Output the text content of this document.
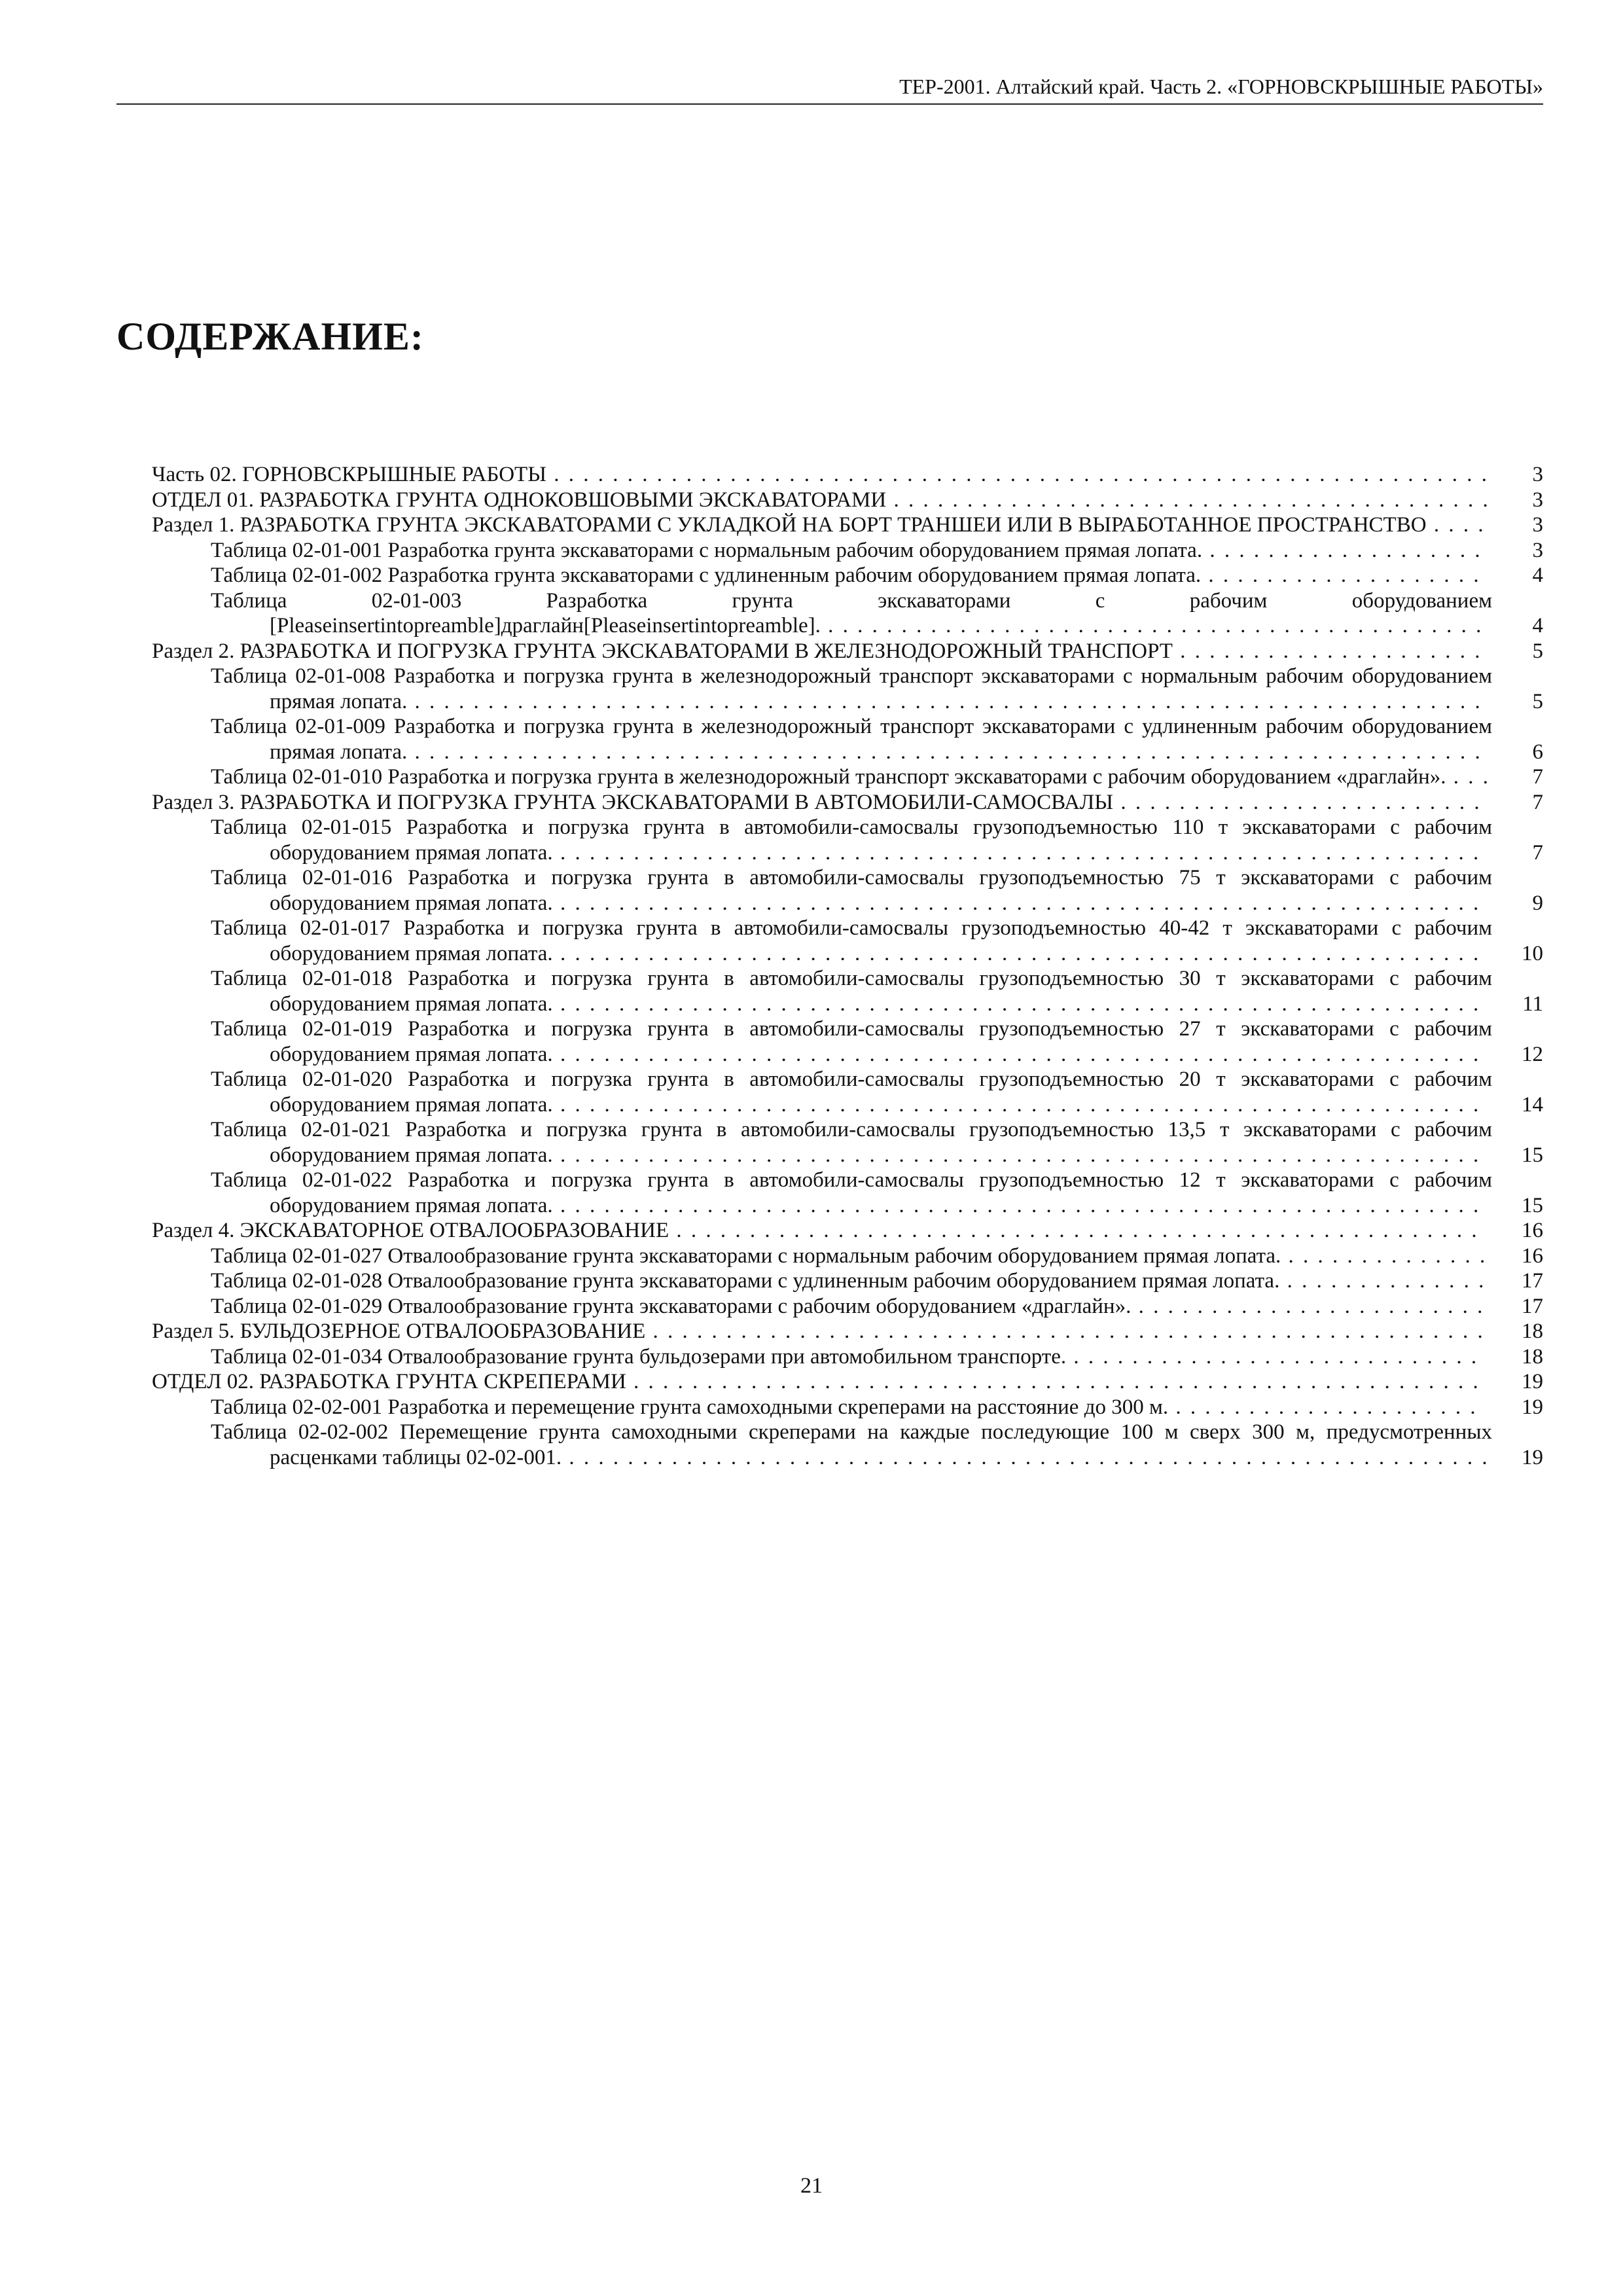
ТЕР-2001. Алтайский край. Часть 2. «ГОРНОВСКРЫШНЫЕ РАБОТЫ»
СОДЕРЖАНИЕ:
Часть 02. ГОРНОВСКРЫШНЫЕ РАБОТЫ . . . . . . . . . . . . . . . . . . . . . . . . . . . . . . . . . . . . . . . . . . . . . . . . . . . . . . . . . . . . . . . .	3
ОТДЕЛ 01. РАЗРАБОТКА ГРУНТА ОДНОКОВШОВЫМИ ЭКСКАВАТОРАМИ . . . . . . . . . . . . . . . . . . . . . . . . . . . . . . . . . . . . . . . . .	3
Раздел 1. РАЗРАБОТКА ГРУНТА ЭКСКАВАТОРАМИ С УКЛАДКОЙ НА БОРТ ТРАНШЕИ ИЛИ В ВЫРАБОТАННОЕ ПРОСТРАНСТВО . . . .	3
Таблица 02-01-001 Разработка грунта экскаваторами с нормальным рабочим оборудованием прямая лопата. . . . . . . . . . . . . . . . . . . .	3
Таблица 02-01-002 Разработка грунта экскаваторами с удлиненным рабочим оборудованием прямая лопата. . . . . . . . . . . . . . . . . . . .	4
Таблица 02-01-003 Разработка грунта экскаваторами с рабочим оборудованием [Pleaseinsertintopreamble]драглайн[Pleaseinsertintopreamble]. . . . . . . . . . . . . . . . . . . . . . . . . . . . . . . . . . . . . . . . . . . . . .	4
Раздел 2. РАЗРАБОТКА И ПОГРУЗКА ГРУНТА ЭКСКАВАТОРАМИ В ЖЕЛЕЗНОДОРОЖНЫЙ ТРАНСПОРТ . . . . . . . . . . . . . . . . . . . . .	5
Таблица 02-01-008 Разработка и погрузка грунта в железнодорожный транспорт экскаваторами с нормальным рабочим оборудованием прямая лопата. . . . . . . . . . . . . . . . . . . . . . . . . . . . . . . . . . . . . . . . . . . . . . . . . . . . . . . . . . . . . . . . . . . . . . . . . .	5
Таблица 02-01-009 Разработка и погрузка грунта в железнодорожный транспорт экскаваторами с удлиненным рабочим оборудованием прямая лопата. . . . . . . . . . . . . . . . . . . . . . . . . . . . . . . . . . . . . . . . . . . . . . . . . . . . . . . . . . . . . . . . . . . . . . . . . .	6
Таблица 02-01-010 Разработка и погрузка грунта в железнодорожный транспорт экскаваторами с рабочим оборудованием «драглайн». . . .	7
Раздел 3. РАЗРАБОТКА И ПОГРУЗКА ГРУНТА ЭКСКАВАТОРАМИ В АВТОМОБИЛИ-САМОСВАЛЫ . . . . . . . . . . . . . . . . . . . . . . . . .	7
Таблица 02-01-015 Разработка и погрузка грунта в автомобили-самосвалы грузоподъемностью 110 т экскаваторами с рабочим оборудованием прямая лопата. . . . . . . . . . . . . . . . . . . . . . . . . . . . . . . . . . . . . . . . . . . . . . . . . . . . . . . . . . . . . . . .	7
Таблица 02-01-016 Разработка и погрузка грунта в автомобили-самосвалы грузоподъемностью 75 т экскаваторами с рабочим оборудованием прямая лопата. . . . . . . . . . . . . . . . . . . . . . . . . . . . . . . . . . . . . . . . . . . . . . . . . . . . . . . . . . . . . . . .	9
Таблица 02-01-017 Разработка и погрузка грунта в автомобили-самосвалы грузоподъемностью 40-42 т экскаваторами с рабочим оборудованием прямая лопата. . . . . . . . . . . . . . . . . . . . . . . . . . . . . . . . . . . . . . . . . . . . . . . . . . . . . . . . . . . . . . . .	10
Таблица 02-01-018 Разработка и погрузка грунта в автомобили-самосвалы грузоподъемностью 30 т экскаваторами с рабочим оборудованием прямая лопата. . . . . . . . . . . . . . . . . . . . . . . . . . . . . . . . . . . . . . . . . . . . . . . . . . . . . . . . . . . . . . . .	11
Таблица 02-01-019 Разработка и погрузка грунта в автомобили-самосвалы грузоподъемностью 27 т экскаваторами с рабочим оборудованием прямая лопата. . . . . . . . . . . . . . . . . . . . . . . . . . . . . . . . . . . . . . . . . . . . . . . . . . . . . . . . . . . . . . . .	12
Таблица 02-01-020 Разработка и погрузка грунта в автомобили-самосвалы грузоподъемностью 20 т экскаваторами с рабочим оборудованием прямая лопата. . . . . . . . . . . . . . . . . . . . . . . . . . . . . . . . . . . . . . . . . . . . . . . . . . . . . . . . . . . . . . . .	14
Таблица 02-01-021 Разработка и погрузка грунта в автомобили-самосвалы грузоподъемностью 13,5 т экскаваторами с рабочим оборудованием прямая лопата. . . . . . . . . . . . . . . . . . . . . . . . . . . . . . . . . . . . . . . . . . . . . . . . . . . . . . . . . . . . . . . .	15
Таблица 02-01-022 Разработка и погрузка грунта в автомобили-самосвалы грузоподъемностью 12 т экскаваторами с рабочим оборудованием прямая лопата. . . . . . . . . . . . . . . . . . . . . . . . . . . . . . . . . . . . . . . . . . . . . . . . . . . . . . . . . . . . . . . .	15
Раздел 4. ЭКСКАВАТОРНОЕ ОТВАЛООБРАЗОВАНИЕ . . . . . . . . . . . . . . . . . . . . . . . . . . . . . . . . . . . . . . . . . . . . . . . . . . . . . . .	16
Таблица 02-01-027 Отвалообразование грунта экскаваторами с нормальным рабочим оборудованием прямая лопата. . . . . . . . . . . . . . .	16
Таблица 02-01-028 Отвалообразование грунта экскаваторами с удлиненным рабочим оборудованием прямая лопата. . . . . . . . . . . . . . .	17
Таблица 02-01-029 Отвалообразование грунта экскаваторами с рабочим оборудованием «драглайн». . . . . . . . . . . . . . . . . . . . . . . . .	17
Раздел 5. БУЛЬДОЗЕРНОЕ ОТВАЛООБРАЗОВАНИЕ . . . . . . . . . . . . . . . . . . . . . . . . . . . . . . . . . . . . . . . . . . . . . . . . . . . . . . . . .	18
Таблица 02-01-034 Отвалообразование грунта бульдозерами при автомобильном транспорте. . . . . . . . . . . . . . . . . . . . . . . . . . . . .	18
ОТДЕЛ 02. РАЗРАБОТКА ГРУНТА СКРЕПЕРАМИ . . . . . . . . . . . . . . . . . . . . . . . . . . . . . . . . . . . . . . . . . . . . . . . . . . . . . . . . . .	19
Таблица 02-02-001 Разработка и перемещение грунта самоходными скреперами на расстояние до 300 м. . . . . . . . . . . . . . . . . . . . . .	19
Таблица 02-02-002 Перемещение грунта самоходными скреперами на каждые последующие 100 м сверх 300 м, предусмотренных расценками таблицы 02-02-001. . . . . . . . . . . . . . . . . . . . . . . . . . . . . . . . . . . . . . . . . . . . . . . . . . . . . . . . . . . . . . . .	19
21
